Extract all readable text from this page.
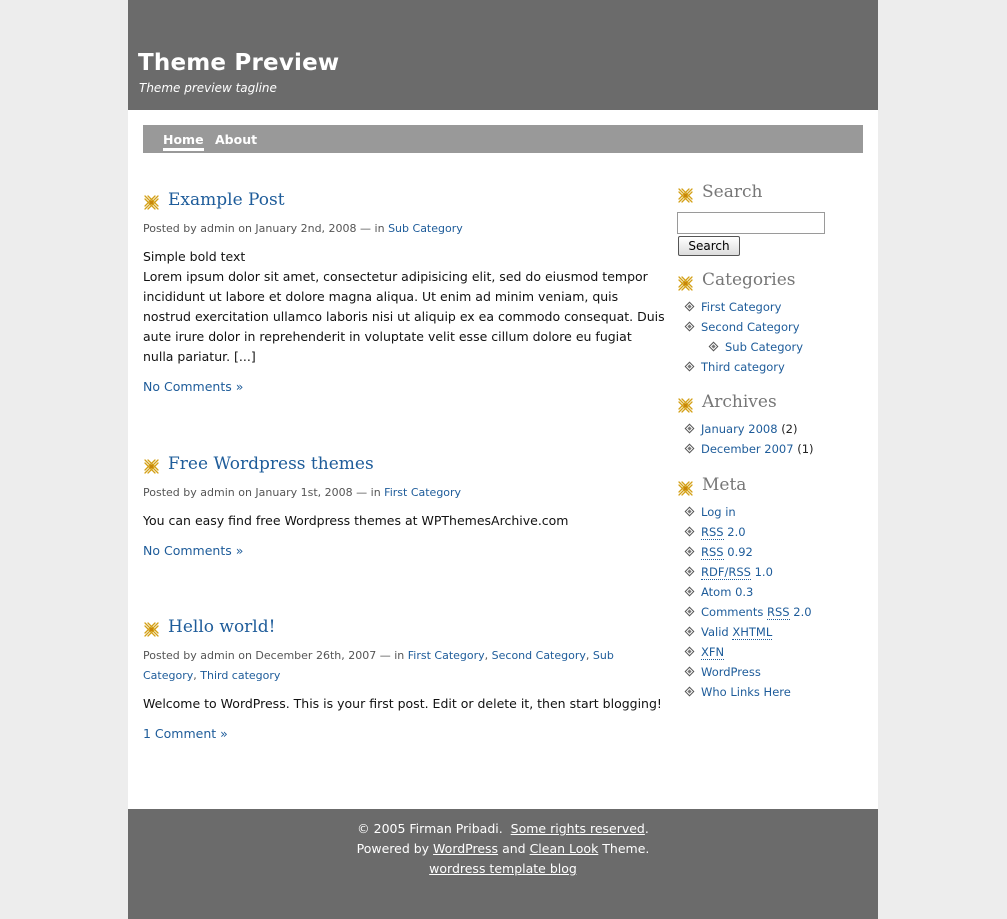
Theme Preview
Theme preview tagline
Home About
Example Post
Posted by admin on January 2nd, 2008 — in Sub Category
Simple bold text
Lorem ipsum dolor sit amet, consectetur adipisicing elit, sed do eiusmod tempor incididunt ut labore et dolore magna aliqua. Ut enim ad minim veniam, quis nostrud exercitation ullamco laboris nisi ut aliquip ex ea commodo consequat. Duis aute irure dolor in reprehenderit in voluptate velit esse cillum dolore eu fugiat nulla pariatur. [...]
No Comments »
Free Wordpress themes
Posted by admin on January 1st, 2008 — in First Category
You can easy find free Wordpress themes at WPThemesArchive.com
No Comments »
Hello world!
Posted by admin on December 26th, 2007 — in First Category, Second Category, Sub Category, Third category
Welcome to WordPress. This is your first post. Edit or delete it, then start blogging!
1 Comment »
Search
Search
Categories
First Category
Second Category
Sub Category
Third category
Archives
January 2008 (2)
December 2007 (1)
Meta
Log in
RSS 2.0
RSS 0.92
RDF/RSS 1.0
Atom 0.3
Comments RSS 2.0
Valid XHTML
XFN
WordPress
Who Links Here
© 2005 Firman Pribadi. Some rights reserved.
Powered by WordPress and Clean Look Theme.
wordress template blog
